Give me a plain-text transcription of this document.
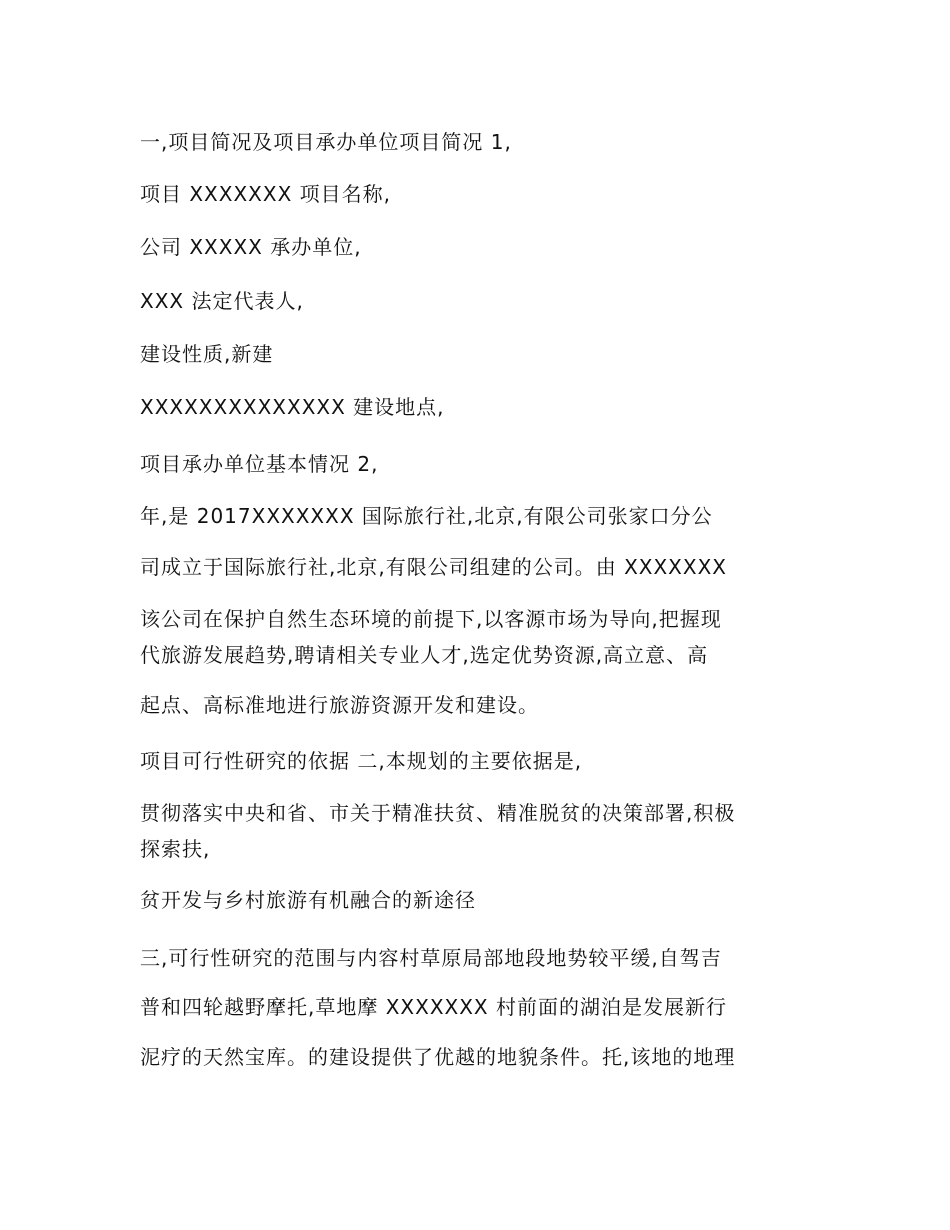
一,项目简况及项目承办单位项目简况 1,
项目 XXXXXXX 项目名称,
公司 XXXXX 承办单位,
XXX 法定代表人,
建设性质,新建
XXXXXXXXXXXXXX 建设地点,
项目承办单位基本情况 2,
年,是 2017XXXXXXX 国际旅行社,北京,有限公司张家口分公
司成立于国际旅行社,北京,有限公司组建的公司。由 XXXXXXX
该公司在保护自然生态环境的前提下,以客源市场为导向,把握现
代旅游发展趋势,聘请相关专业人才,选定优势资源,高立意、高
起点、高标准地进行旅游资源开发和建设。
项目可行性研究的依据 二,本规划的主要依据是,
贯彻落实中央和省、市关于精准扶贫、精准脱贫的决策部署,积极
探索扶,
贫开发与乡村旅游有机融合的新途径
三,可行性研究的范围与内容村草原局部地段地势较平缓,自驾吉
普和四轮越野摩托,草地摩 XXXXXXX 村前面的湖泊是发展新行
泥疗的天然宝库。的建设提供了优越的地貌条件。托,该地的地理
